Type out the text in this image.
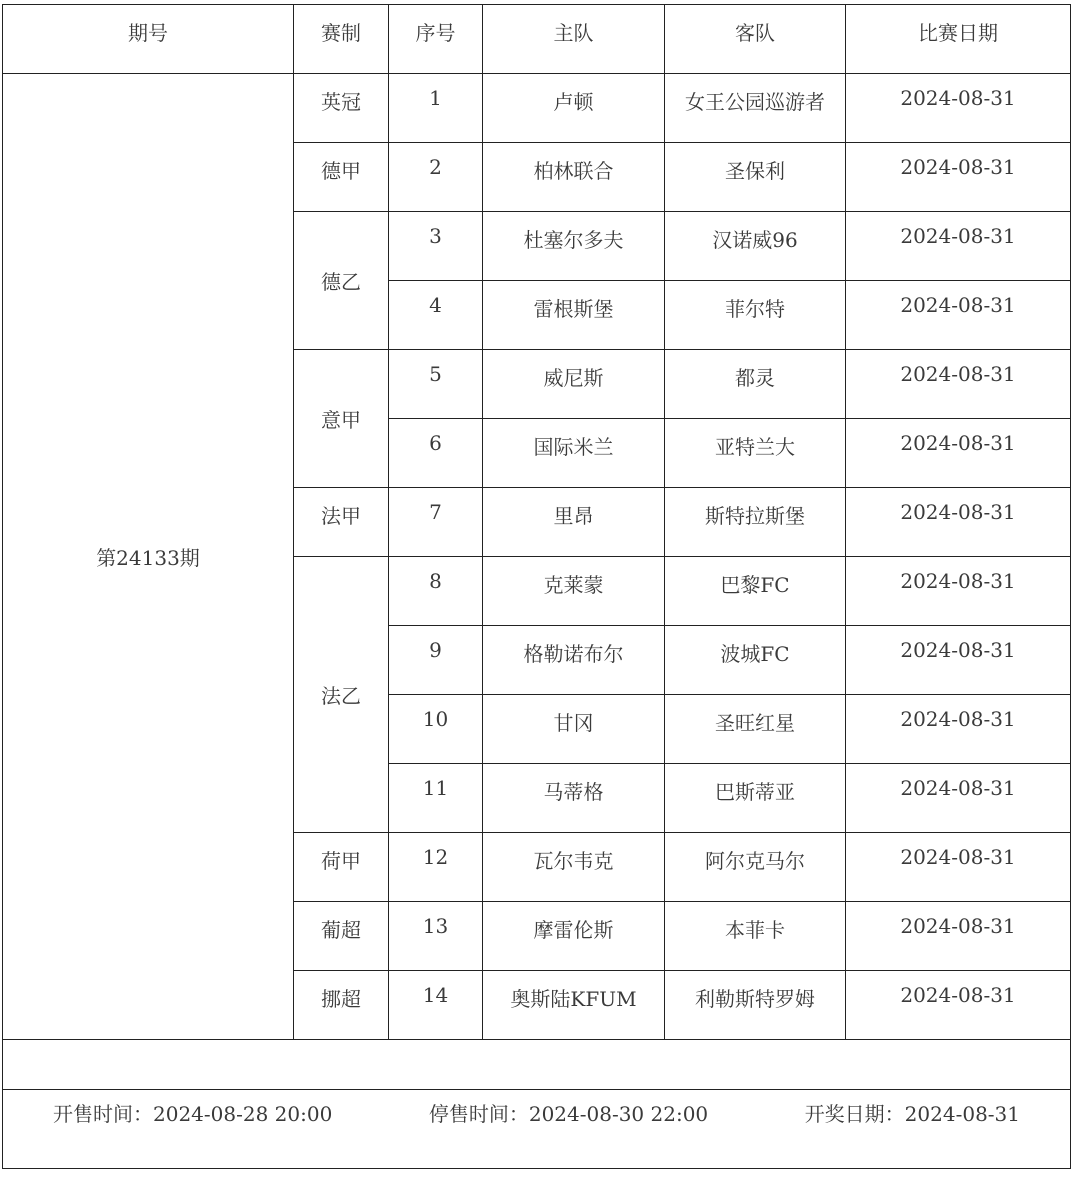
期号	赛制	序号	主队	客队	比赛日期
第24133期	英冠	1	卢顿	女王公园巡游者	2024-08-31
	德甲	2	柏林联合	圣保利	2024-08-31
	德乙	3	杜塞尔多夫	汉诺威96	2024-08-31
		4	雷根斯堡	菲尔特	2024-08-31
	意甲	5	威尼斯	都灵	2024-08-31
		6	国际米兰	亚特兰大	2024-08-31
	法甲	7	里昂	斯特拉斯堡	2024-08-31
	法乙	8	克莱蒙	巴黎FC	2024-08-31
		9	格勒诺布尔	波城FC	2024-08-31
		10	甘冈	圣旺红星	2024-08-31
		11	马蒂格	巴斯蒂亚	2024-08-31
	荷甲	12	瓦尔韦克	阿尔克马尔	2024-08-31
	葡超	13	摩雷伦斯	本菲卡	2024-08-31
	挪超	14	奥斯陆KFUM	利勒斯特罗姆	2024-08-31

开售时间：2024-08-28 20:00 停售时间：2024-08-30 22:00 开奖日期：2024-08-31					
